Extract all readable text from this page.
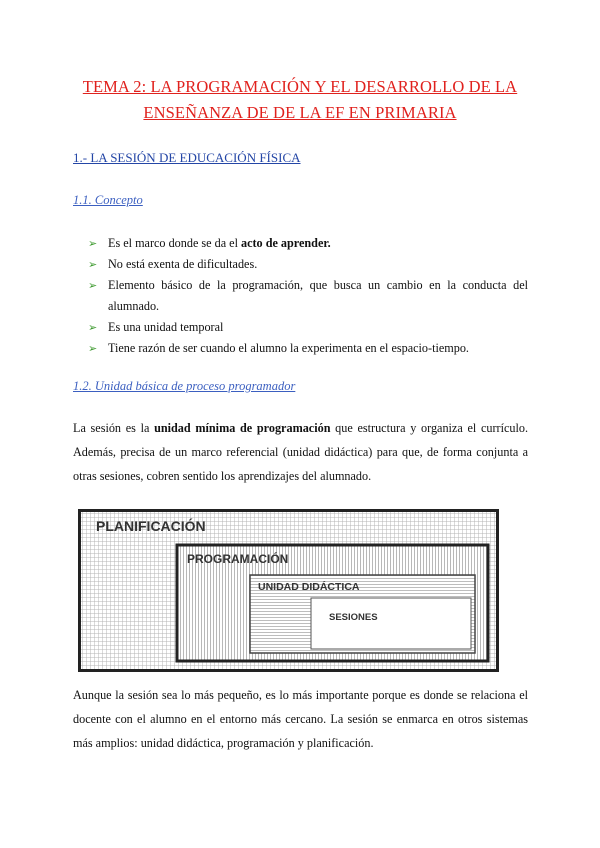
TEMA 2: LA PROGRAMACIÓN Y EL DESARROLLO DE LA
ENSEÑANZA DE DE LA EF EN PRIMARIA
1.- LA SESIÓN DE EDUCACIÓN FÍSICA
1.1. Concepto
➢ Es el marco donde se da el acto de aprender.
➢ No está exenta de dificultades.
➢ Elemento básico de la programación, que busca un cambio en la conducta del alumnado.
➢ Es una unidad temporal
➢ Tiene razón de ser cuando el alumno la experimenta en el espacio-tiempo.
1.2. Unidad básica de proceso programador

La sesión es la unidad mínima de programación que estructura y organiza el currículo. Además, precisa de un marco referencial (unidad didáctica) para que, de forma conjunta a otras sesiones, cobren sentido los aprendizajes del alumnado.

PLANIFICACIÓN
PROGRAMACIÓN
UNIDAD DIDÁCTICA
SESIONES

Aunque la sesión sea lo más pequeño, es lo más importante porque es donde se relaciona el docente con el alumno en el entorno más cercano. La sesión se enmarca en otros sistemas más amplios: unidad didáctica, programación y planificación.
